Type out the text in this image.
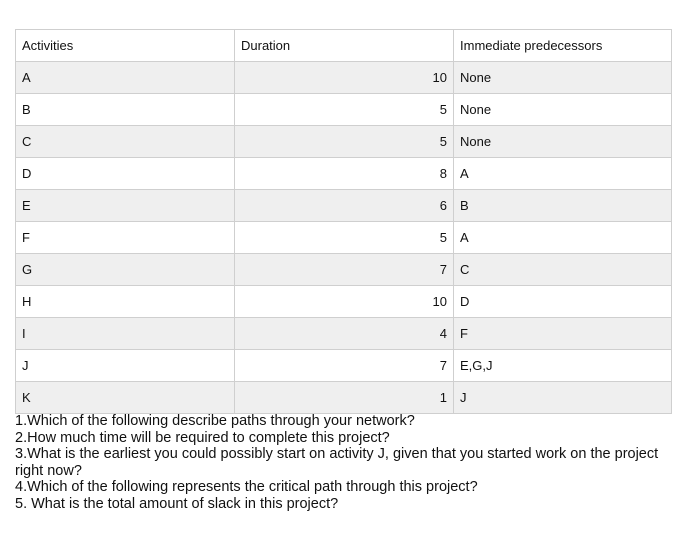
Activities	Duration	Immediate predecessors
A	10	None
B	5	None
C	5	None
D	8	A
E	6	B
F	5	A
G	7	C
H	10	D
I	4	F
J	7	E,G,J
K	1	J

1.Which of the following describe paths through your network?

2.How much time will be required to complete this project?

3.What is the earliest you could possibly start on activity J, given that you started work on the project right now?

4.Which of the following represents the critical path through this project?

5. What is the total amount of slack in this project?
